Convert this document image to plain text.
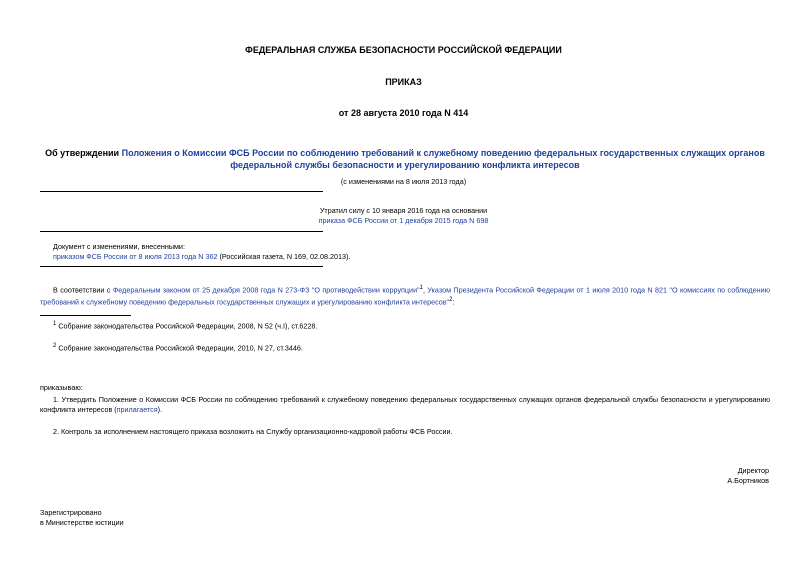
ФЕДЕРАЛЬНАЯ СЛУЖБА БЕЗОПАСНОСТИ РОССИЙСКОЙ ФЕДЕРАЦИИ
ПРИКАЗ
от 28 августа 2010 года N 414
Об утверждении Положения о Комиссии ФСБ России по соблюдению требований к служебному поведению федеральных государственных служащих органов федеральной службы безопасности и урегулированию конфликта интересов
(с изменениями на 8 июля 2013 года)
Утратил силу с 10 января 2016 года на основании
приказа ФСБ России от 1 декабря 2015 года N 698
Документ с изменениями, внесенными:
приказом ФСБ России от 8 июля 2013 года N 362 (Российская газета, N 169, 02.08.2013).
В соответствии с Федеральным законом от 25 декабря 2008 года N 273-ФЗ "О противодействии коррупции"$^1$, Указом Президента Российской Федерации от 1 июля 2010 года N 821 "О комиссиях по соблюдению требований к служебному поведению федеральных государственных служащих и урегулированию конфликта интересов"$^2$:
$^1$ Собрание законодательства Российской Федерации, 2008, N 52 (ч.I), ст.6228.
$^2$ Собрание законодательства Российской Федерации, 2010, N 27, ст.3446.
приказываю:
1. Утвердить Положение о Комиссии ФСБ России по соблюдению требований к служебному поведению федеральных государственных служащих органов федеральной службы безопасности и урегулированию конфликта интересов (прилагается).
2. Контроль за исполнением настоящего приказа возложить на Службу организационно-кадровой работы ФСБ России.
Директор
А.Бортников
Зарегистрировано
в Министерстве юстиции
